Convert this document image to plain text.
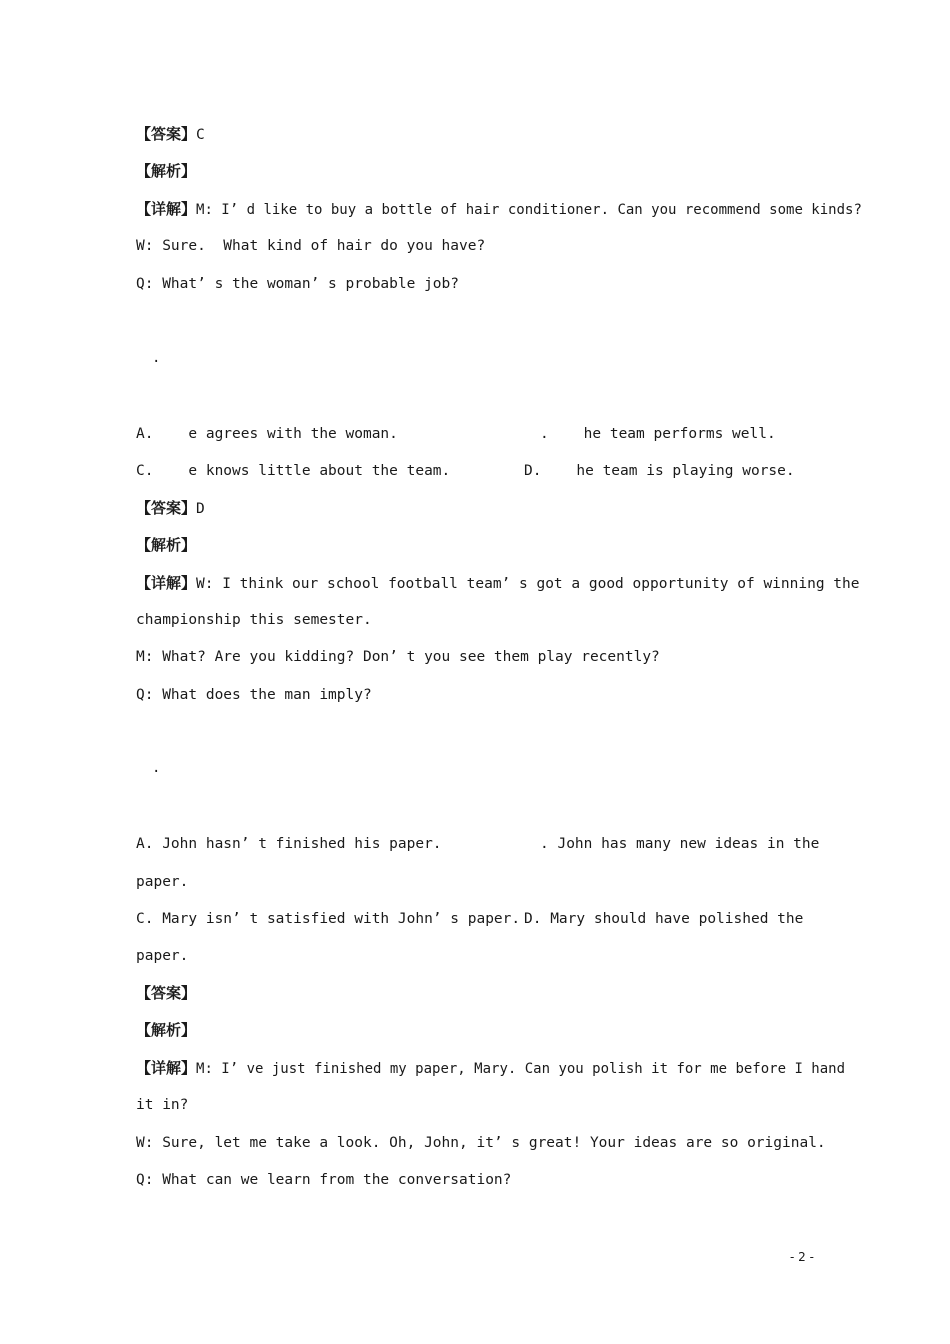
【答案】C
【解析】
【详解】M: I’ d like to buy a bottle of hair conditioner. Can you recommend some kinds?
W: Sure.  What kind of hair do you have?
Q: What’ s the woman’ s probable job?
.
A.    e agrees with the woman.	.    he team performs well.
C.    e knows little about the team.	D.    he team is playing worse.
【答案】D
【解析】
【详解】W: I think our school football team’ s got a good opportunity of winning the
championship this semester.
M: What? Are you kidding? Don’ t you see them play recently?
Q: What does the man imply?
.
A. John hasn’ t finished his paper.	. John has many new ideas in the
paper.
C. Mary isn’ t satisfied with John’ s paper. D. Mary should have polished the
paper.
【答案】
【解析】
【详解】M: I’ ve just finished my paper, Mary. Can you polish it for me before I hand
it in?
W: Sure, let me take a look. Oh, John, it’ s great! Your ideas are so original.
Q: What can we learn from the conversation?
- 2 -
